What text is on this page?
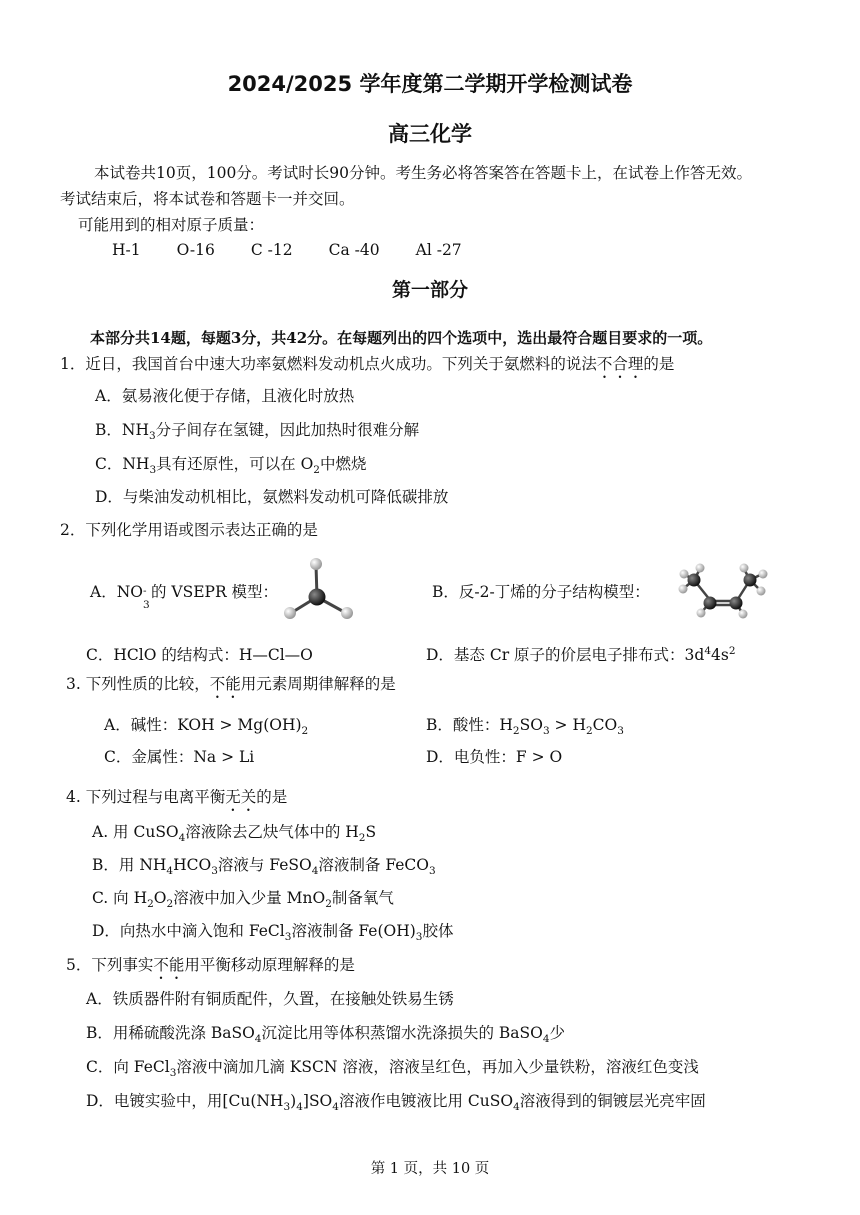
2024/2025 学年度第二学期开学检测试卷
高三化学
本试卷共10页，100分。考试时长90分钟。考生务必将答案答在答题卡上，在试卷上作答无效。
考试结束后，将本试卷和答题卡一并交回。
可能用到的相对原子质量：
H-1 O-16 C -12 Ca -40 Al -27
第一部分
本部分共14题，每题3分，共42分。在每题列出的四个选项中，选出最符合题目要求的一项。
1．近日，我国首台中速大功率氨燃料发动机点火成功。下列关于氨燃料的说法不合理的是
A．氨易液化便于存储，且液化时放热
B．$NH_3$分子间存在氢键，因此加热时很难分解
C．$NH_3$具有还原性，可以在 $O_2$中燃烧
D．与柴油发动机相比，氨燃料发动机可降低碳排放
2．下列化学用语或图示表达正确的是
A．NO -
3
的 VSEPR 模型：	B．反-2-丁烯的分子结构模型：
C．HClO 的结构式：H—Cl—O	D．基态 Cr 原子的价层电子排布式：$3d^44s^2$
3. 下列性质的比较，不能用元素周期律解释的是
A．碱性：KOH > $Mg(OH)_2$	B．酸性：$H_2SO_3 > H_2CO_3$
C．金属性：Na > Li	D．电负性：F > O
4. 下列过程与电离平衡无关的是
A. 用 CuSO$_4$溶液除去乙炔气体中的 $H_2S$
B．用 $NH_4HCO_3$溶液与 FeSO$_4$溶液制备 FeCO$_3$
C. 向 $H_2O_2$溶液中加入少量 MnO$_2$制备氧气
D．向热水中滴入饱和 FeCl$_3$溶液制备 $Fe(OH)_3$胶体
5．下列事实不能用平衡移动原理解释的是
A．铁质器件附有铜质配件，久置，在接触处铁易生锈
B．用稀硫酸洗涤 BaSO$_4$沉淀比用等体积蒸馏水洗涤损失的 BaSO$_4$少
C．向 FeCl$_3$溶液中滴加几滴 KSCN 溶液，溶液呈红色，再加入少量铁粉，溶液红色变浅
D．电镀实验中，用$[Cu(NH_3)_4]SO_4$溶液作电镀液比用 CuSO$_4$溶液得到的铜镀层光亮牢固
第 1 页，共 10 页
